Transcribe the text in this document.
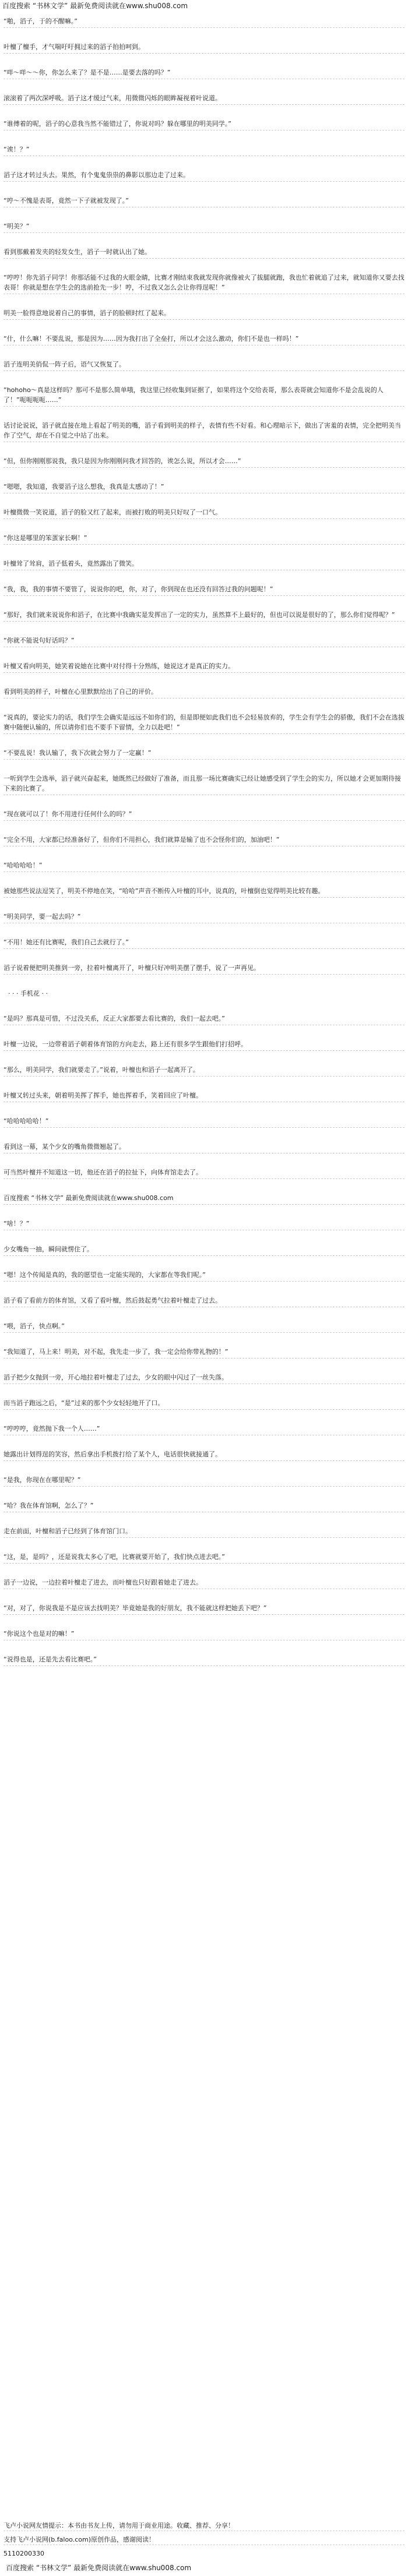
百度搜索 “书林文学” 最新免费阅读就在www.shu008.com

“啪，滔子，于的不醒嘛。”

叶檀了檀手，才气喘吁吁拥过来的滔子拍拍呵到。

“咩～咩～～你，你怎么来了？是不是……是要去落的吗？”

滚滚着了两次深呼吸。滔子这才缓过气来，用微微闪烁的眼眸凝视着叶说道。

“谁傅着的呢，滔子的心意我当然不能错过了，你说对吗？躲在哪里的明美同学。”

“诶！？”

滔子这才转过头去。果然，有个鬼鬼祟祟的鼻影以那边走了过来。

“哼～不愧是表哥，竟然一下子就被发现了。”

“明美？”

看到那戴着发夹的轻发女生，滔子一时就认出了她。

“哼哼！你先滔子同学！你那话能不过我的火眼金睛，比赛才刚结束我就发现你就像被火了拔腿就跑，我也忙着就追了过来，就知道你又要去找表哥！你就是想在学生会的选前抢先一步！哼，不过我又怎么会让你得逞呢！”

明美一脸得意地说着自己的事情，滔子的脸顿时红了起来。

“什，什么嘛！不要乱说，那是因为……因为我打出了全垒打，所以才会这么激动，你们不是也一样吗！”

滔子连明美俏侃一阵子后，语气又恢复了。

“hohoho～真是这样吗？那可不是那么简单哦，我这里已经收集到证据了，如果将这个交给表哥，那么表哥就会知道你不是会乱说的人了！”呃呃呃呃……”

话讨论说说，滔子就直接在地上看起了明美的嘴，滔子看到明美的样子，表情有些不好看。和心理暗示下，做出了害羞的表情，完全把明美当作了空气，却在不自觉之中站了出来。

“但，但你刚刚那说我，我只是因为你刚刚问我才回答的，诶怎么说，所以才会……”

“嗯嗯，我知道，我要滔子这么想我，我真是太感动了！”

叶檀微微一笑说道，滔子的脸又红了起来，而被打败的明美只好叹了一口气。

“你这是哪里的笨蛋家长啊！”

叶檀耸了耸肩，滔子低着头，竟然露出了微笑。

“我，我，我的事情不要管了，说说你的吧，你，对了，你到现在也还没有回答过我的问题呢！”

“那好，我们就来说说你和滔子，在比赛中我确实是发挥出了一定的实力，虽然算不上最好的，但也可以说是很好的了，那么你们觉得呢？”

“你就不能说句好话吗？”

叶檀又看向明美，她笑着说她在比赛中对付得十分熟练，她说这才是真正的实力。

看到明美的样子，叶檀在心里默默给出了自己的评价。

“说真的，要论实力的话，我们学生会确实是远远不如你们的，但是即便如此我们也不会轻易放弃的，学生会有学生会的骄傲，我们不会在选拔赛中随便认输的，所以请你们也不要手下留情，全力以赴吧！”

“不要乱说！我认输了，我下次就会努力了一定赢！”

一听到学生会选举，滔子就兴奋起来，她既然已经做好了准备，而且那一场比赛确实已经让她感受到了学生会的实力，所以她才会更加期待接下来的比赛了。

“现在就可以了！你不用进行任何什么的吗？”

“完全不用，大家都已经准备好了，但你们不用担心，我们就算是输了也不会怪你们的，加油吧！”

“哈哈哈哈！”

被她那些说法逗笑了，明美不停地在笑，“哈哈”声音不断传入叶檀的耳中，说真的，叶檀倒也觉得明美比较有趣。

“明美同学，要一起去吗？”

“不用！她还有比赛呢，我们自己去就行了。”

滔子说着便把明美推到一旁，拉着叶檀离开了，叶檀只好冲明美摆了摆手，说了一声再见。

· · · 手机花 · ·

“是吗？那真是可惜，不过没关系，反正大家都要去看比赛的，我们一起去吧。”

叶檀一边说，一边带着滔子朝着体育馆的方向走去，路上还有很多学生跟他们打招呼。

“那么，明美同学，我们就要走了。”说着，叶檀也和滔子一起离开了。

叶檀又转过头来，朝着明美挥了挥手，她也挥着手，笑着回应了叶檀。

“哈哈哈哈哈！”

看到这一幕，某个少女的嘴角微微翘起了。

可当然叶檀并不知道这一切，他还在滔子的拉扯下，向体育馆走去了。

百度搜索 “书林文学” 最新免费阅读就在www.shu008.com

“啥！？”

少女嘴角一抽，瞬间就愣住了。

“嗯！这个传闻是真的，我的愿望也一定能实现的，大家都在等我们呢。”

滔子看了看前方的体育馆，又看了看叶檀，然后鼓起勇气拉着叶檀走了过去。

“喂，滔子，快点啊。”

“我知道了，马上来！明美，对不起，我先走一步了，我一定会给你带礼物的！”

滔子把少女抛到一旁，开心地拉着叶檀走了过去，少女的眼中闪过了一丝失落。

而当滔子跑远之后，“是”过来的那个少女轻轻地开了口。

“哼哼哼，竟然抛下我一个人……”

她露出计划得逞的笑容，然后拿出手机拨打给了某个人，电话很快就接通了。

“是我，你现在在哪里呢？”

“哈？我在体育馆啊，怎么了？”

走在前面，叶檀和滔子已经到了体育馆门口。

“这，是，是吗？，还是说我太多心了吧，比赛就要开始了，我们快点进去吧。”

滔子一边说，一边拉着叶檀走了进去，而叶檀也只好跟着她走了进去。

“对，对了，你说我是不是应该去找明美？毕竟她是我的好朋友，我不能就这样把她丢下吧？”

“你说这个也是对的嘛！”

“说得也是，还是先去看比赛吧。”

飞卢小说网友情提示：本书由书友上传，请勿用于商业用途。收藏、推荐、分享！
支持飞卢小说网(b.faloo.com)原创作品，感谢阅读！
5110200330
百度搜索 “书林文学” 最新免费阅读就在www.shu008.com
